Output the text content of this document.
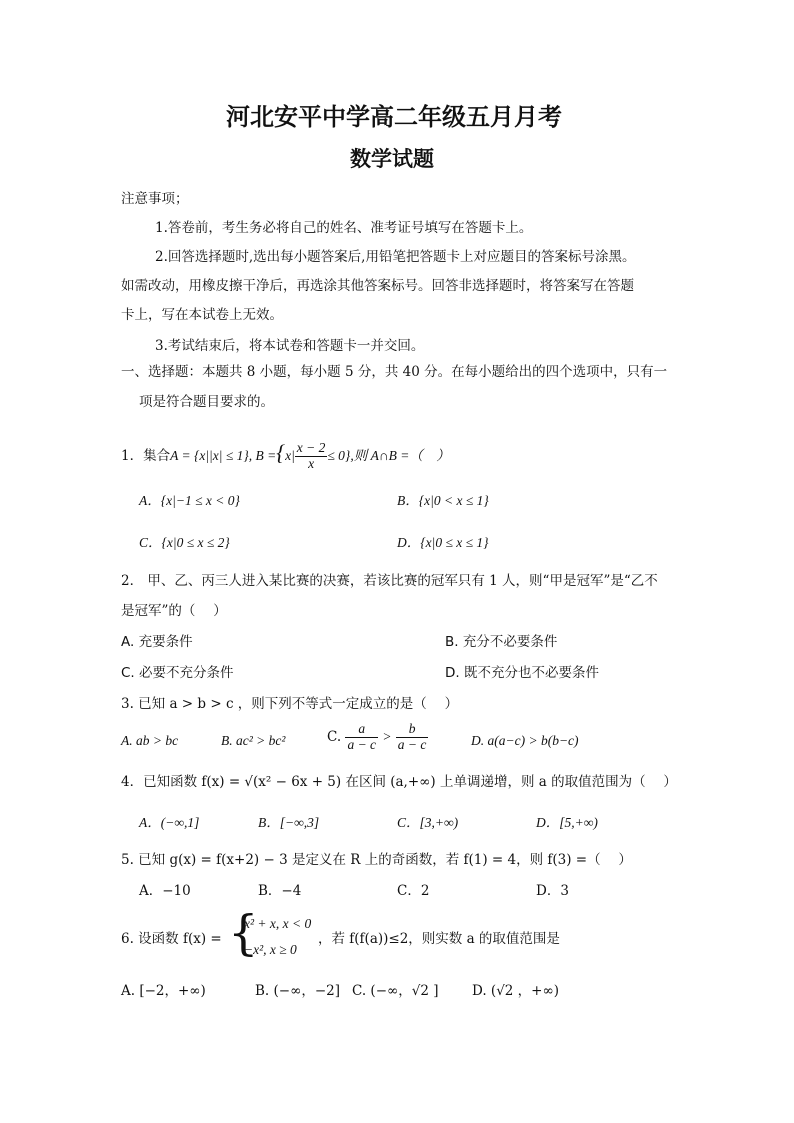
河北安平中学高二年级五月月考
数学试题
注意事项；
1.答卷前，考生务必将自己的姓名、准考证号填写在答题卡上。
2.回答选择题时,选出每小题答案后,用铅笔把答题卡上对应题目的答案标号涂黑。
如需改动，用橡皮擦干净后，再选涂其他答案标号。回答非选择题时，将答案写在答题
卡上，写在本试卷上无效。
3.考试结束后，将本试卷和答题卡一并交回。
一、选择题：本题共 8 小题，每小题 5 分，共 40 分。在每小题给出的四个选项中，只有一
项是符合题目要求的。
1．集合A = {x||x| ≤ 1}, $B =\{x| \frac{x - 2}{x} \le 0\}$,则 A∩B =（　）
A．{x|−1 ≤ x < 0}	B．{x|0 < x ≤ 1}
C．{x|0 ≤ x ≤ 2}	D．{x|0 ≤ x ≤ 1}
2． 甲、乙、丙三人进入某比赛的决赛，若该比赛的冠军只有 1 人，则“甲是冠军”是“乙不
是冠军”的（　 ）
A. 充要条件	B. 充分不必要条件
C. 必要不充分条件	D. 既不充分也不必要条件
3. 已知 a > b > c ，则下列不等式一定成立的是（　 ）
A. ab > bc	B. ac² > bc²	C. $\frac{a}{a - c} > \frac{b}{a - c}$	D. a(a−c) > b(b−c)
4．已知函数 f(x) = √(x² − 6x + 5) 在区间 (a,+∞) 上单调递增，则 a 的取值范围为（　 ）
A．(−∞,1]	B．[−∞,3]	C．[3,+∞)	D．[5,+∞)
5. 已知 g(x) = f(x+2) − 3 是定义在 R 上的奇函数，若 f(1) = 4，则 f(3) =（　 ）
A．−10	B．−4	C．2	D．3
6. 设函数 f(x) = {
x² + x, x < 0
−x², x ≥ 0
，若 f(f(a))≤2，则实数 a 的取值范围是
A. [−2，+∞)	B. (−∞，−2] C. (−∞，√2 ] D. (√2 ，+∞)
